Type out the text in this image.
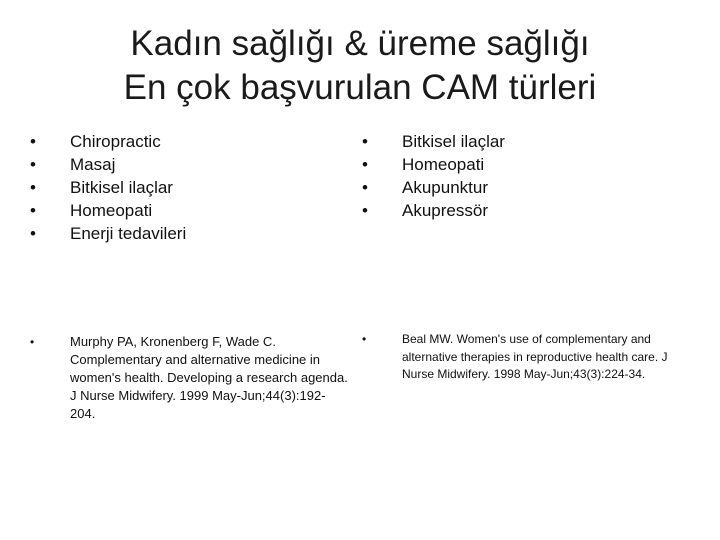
Kadın sağlığı & üreme sağlığı
En çok başvurulan CAM türleri
•	Chiropractic
•	Masaj
•	Bitkisel ilaçlar
•	Homeopati
•	Enerji tedavileri
•	Bitkisel ilaçlar
•	Homeopati
•	Akupunktur
•	Akupressör
•	Murphy PA, Kronenberg F, Wade C. Complementary and alternative medicine in women's health. Developing a research agenda. J Nurse Midwifery. 1999 May-Jun;44(3):192-204.
•	Beal MW. Women's use of complementary and alternative therapies in reproductive health care. J Nurse Midwifery. 1998 May-Jun;43(3):224-34.
